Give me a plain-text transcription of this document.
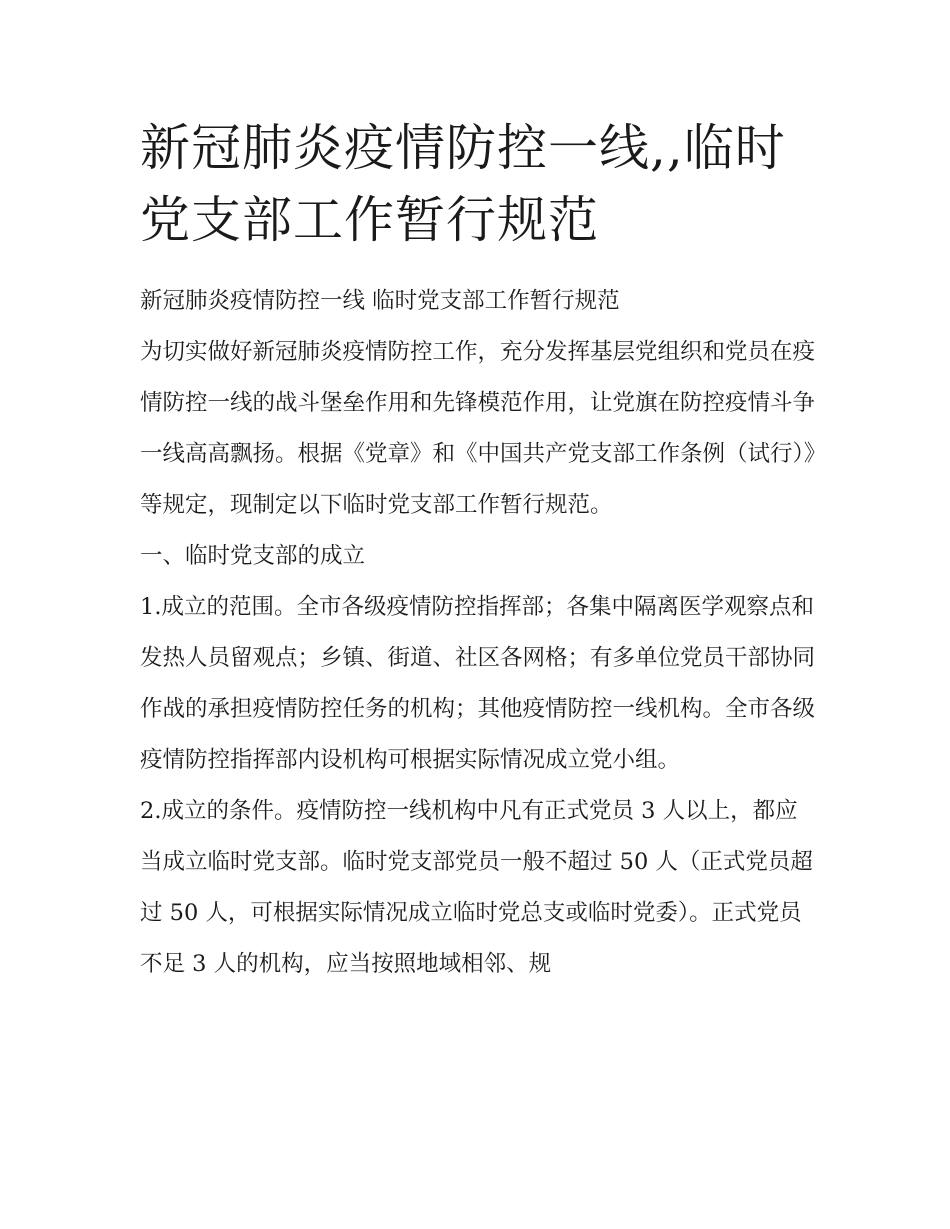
新冠肺炎疫情防控一线,,临时党支部工作暂行规范

新冠肺炎疫情防控一线 临时党支部工作暂行规范

为切实做好新冠肺炎疫情防控工作，充分发挥基层党组织和党员在疫情防控一线的战斗堡垒作用和先锋模范作用，让党旗在防控疫情斗争一线高高飘扬。根据《党章》和《中国共产党支部工作条例（试行）》等规定，现制定以下临时党支部工作暂行规范。

一、临时党支部的成立

1.成立的范围。全市各级疫情防控指挥部；各集中隔离医学观察点和发热人员留观点；乡镇、街道、社区各网格；有多单位党员干部协同作战的承担疫情防控任务的机构；其他疫情防控一线机构。全市各级疫情防控指挥部内设机构可根据实际情况成立党小组。

2.成立的条件。疫情防控一线机构中凡有正式党员 3 人以上，都应当成立临时党支部。临时党支部党员一般不超过 50 人（正式党员超过 50 人，可根据实际情况成立临时党总支或临时党委）。正式党员不足 3 人的机构，应当按照地域相邻、规
